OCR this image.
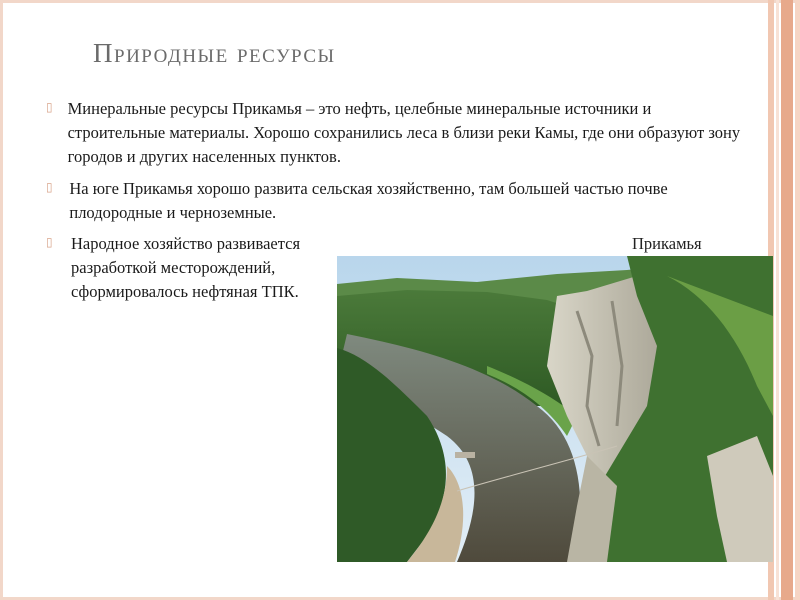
Природные ресурсы
▯ Минеральные ресурсы Прикамья – это нефть, целебные минеральные источники и строительные материалы. Хорошо сохранились леса в близи реки Камы, где они образуют зону городов и других населенных пунктов.
▯ На юге Прикамья хорошо развита сельская хозяйственно, там большей частью почве плодородные и черноземные.
▯ Народное хозяйство развивается разработкой месторождений, сформировалось нефтяная ТПК.
Прикамья
